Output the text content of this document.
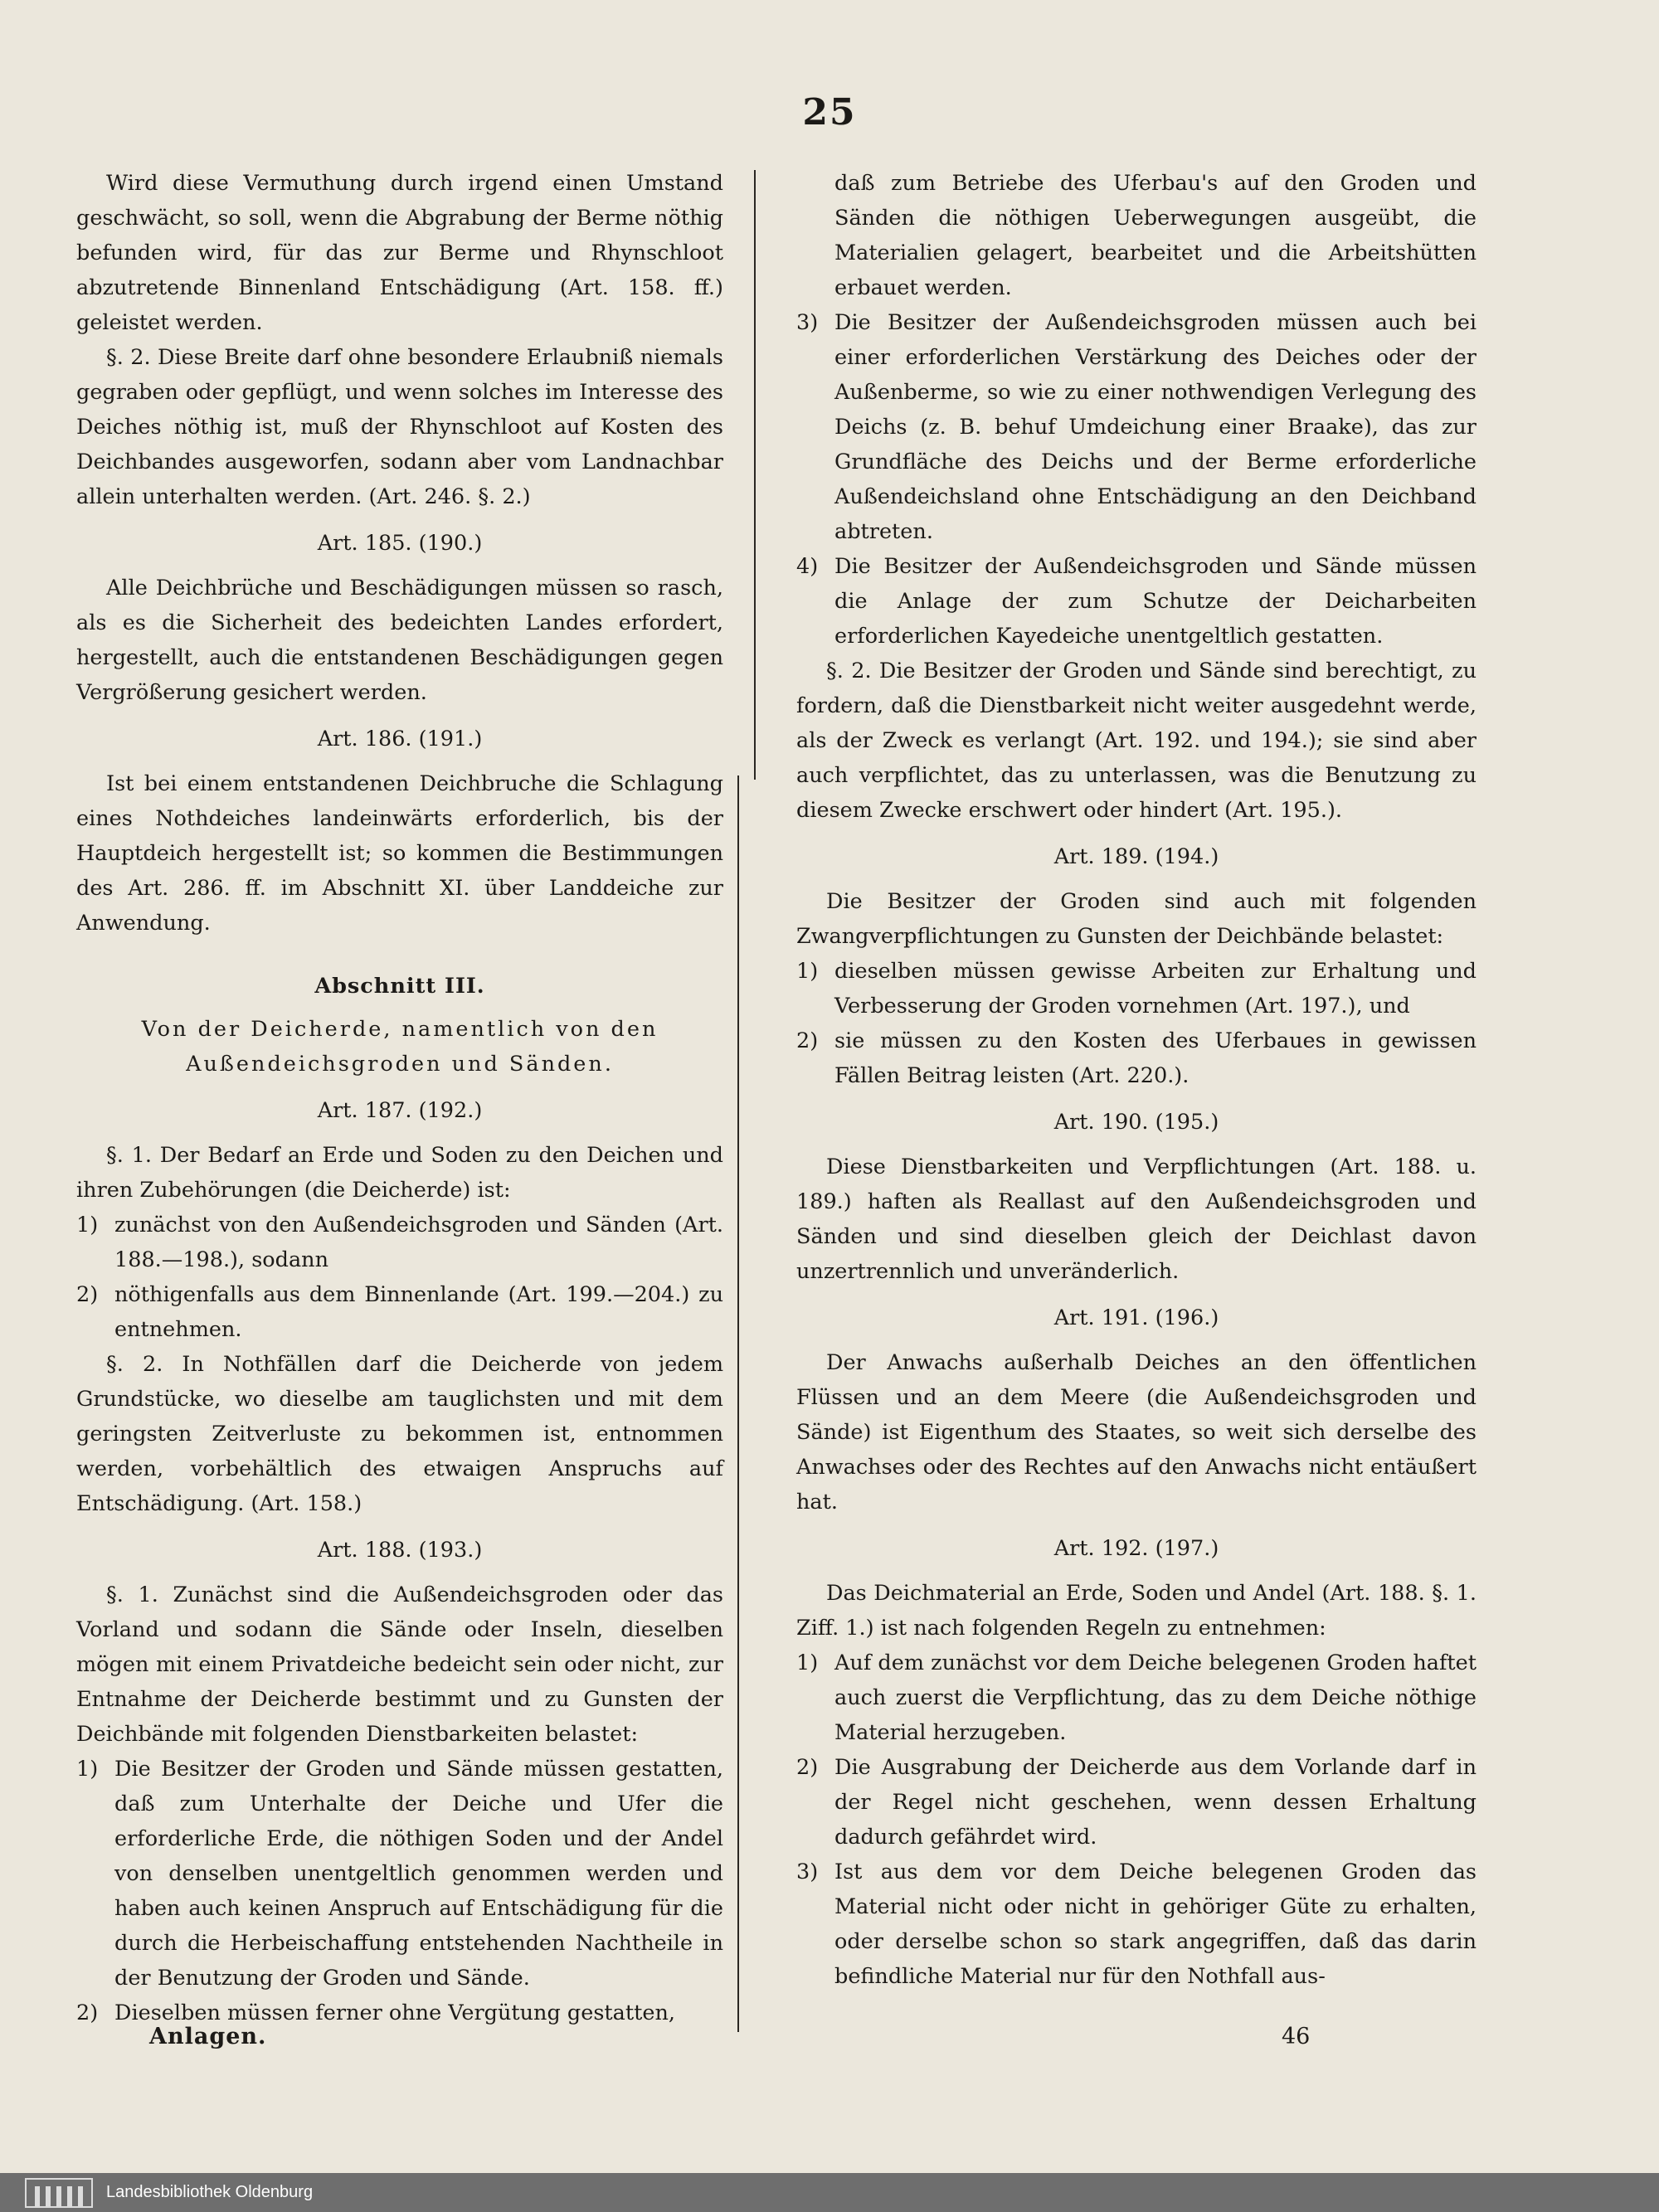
25

Wird diese Vermuthung durch irgend einen Umstand geschwächt, so soll, wenn die Abgrabung der Berme nöthig befunden wird, für das zur Berme und Rhynschloot abzutretende Binnenland Entschädigung (Art. 158. ff.) geleistet werden.

§. 2. Diese Breite darf ohne besondere Erlaubniß niemals gegraben oder gepflügt, und wenn solches im Interesse des Deiches nöthig ist, muß der Rhynschloot auf Kosten des Deichbandes ausgeworfen, sodann aber vom Landnachbar allein unterhalten werden. (Art. 246. §. 2.)

Art. 185. (190.)

Alle Deichbrüche und Beschädigungen müssen so rasch, als es die Sicherheit des bedeichten Landes erfordert, hergestellt, auch die entstandenen Beschädigungen gegen Vergrößerung gesichert werden.

Art. 186. (191.)

Ist bei einem entstandenen Deichbruche die Schlagung eines Nothdeiches landeinwärts erforderlich, bis der Hauptdeich hergestellt ist; so kommen die Bestimmungen des Art. 286. ff. im Abschnitt XI. über Landdeiche zur Anwendung.

Abschnitt III.

Von der Deicherde, namentlich von den Außendeichsgroden und Sänden.

Art. 187. (192.)

§. 1. Der Bedarf an Erde und Soden zu den Deichen und ihren Zubehörungen (die Deicherde) ist:

1) zunächst von den Außendeichsgroden und Sänden (Art. 188.—198.), sodann
2) nöthigenfalls aus dem Binnenlande (Art. 199.—204.) zu entnehmen.

§. 2. In Nothfällen darf die Deicherde von jedem Grundstücke, wo dieselbe am tauglichsten und mit dem geringsten Zeitverluste zu bekommen ist, entnommen werden, vorbehältlich des etwaigen Anspruchs auf Entschädigung. (Art. 158.)

Art. 188. (193.)

§. 1. Zunächst sind die Außendeichsgroden oder das Vorland und sodann die Sände oder Inseln, dieselben mögen mit einem Privatdeiche bedeicht sein oder nicht, zur Entnahme der Deicherde bestimmt und zu Gunsten der Deichbände mit folgenden Dienstbarkeiten belastet:

1) Die Besitzer der Groden und Sände müssen gestatten, daß zum Unterhalte der Deiche und Ufer die erforderliche Erde, die nöthigen Soden und der Andel von denselben unentgeltlich genommen werden und haben auch keinen Anspruch auf Entschädigung für die durch die Herbeischaffung entstehenden Nachtheile in der Benutzung der Groden und Sände.
2) Dieselben müssen ferner ohne Vergütung gestatten,
daß zum Betriebe des Uferbau's auf den Groden und Sänden die nöthigen Ueberwegungen ausgeübt, die Materialien gelagert, bearbeitet und die Arbeitshütten erbauet werden.
3) Die Besitzer der Außendeichsgroden müssen auch bei einer erforderlichen Verstärkung des Deiches oder der Außenberme, so wie zu einer nothwendigen Verlegung des Deichs (z. B. behuf Umdeichung einer Braake), das zur Grundfläche des Deichs und der Berme erforderliche Außendeichsland ohne Entschädigung an den Deichband abtreten.
4) Die Besitzer der Außendeichsgroden und Sände müssen die Anlage der zum Schutze der Deicharbeiten erforderlichen Kayedeiche unentgeltlich gestatten.

§. 2. Die Besitzer der Groden und Sände sind berechtigt, zu fordern, daß die Dienstbarkeit nicht weiter ausgedehnt werde, als der Zweck es verlangt (Art. 192. und 194.); sie sind aber auch verpflichtet, das zu unterlassen, was die Benutzung zu diesem Zwecke erschwert oder hindert (Art. 195.).

Art. 189. (194.)

Die Besitzer der Groden sind auch mit folgenden Zwangverpflichtungen zu Gunsten der Deichbände belastet:

1) dieselben müssen gewisse Arbeiten zur Erhaltung und Verbesserung der Groden vornehmen (Art. 197.), und
2) sie müssen zu den Kosten des Uferbaues in gewissen Fällen Beitrag leisten (Art. 220.).

Art. 190. (195.)

Diese Dienstbarkeiten und Verpflichtungen (Art. 188. u. 189.) haften als Reallast auf den Außendeichsgroden und Sänden und sind dieselben gleich der Deichlast davon unzertrennlich und unveränderlich.

Art. 191. (196.)

Der Anwachs außerhalb Deiches an den öffentlichen Flüssen und an dem Meere (die Außendeichsgroden und Sände) ist Eigenthum des Staates, so weit sich derselbe des Anwachses oder des Rechtes auf den Anwachs nicht entäußert hat.

Art. 192. (197.)

Das Deichmaterial an Erde, Soden und Andel (Art. 188. §. 1. Ziff. 1.) ist nach folgenden Regeln zu entnehmen:

1) Auf dem zunächst vor dem Deiche belegenen Groden haftet auch zuerst die Verpflichtung, das zu dem Deiche nöthige Material herzugeben.
2) Die Ausgrabung der Deicherde aus dem Vorlande darf in der Regel nicht geschehen, wenn dessen Erhaltung dadurch gefährdet wird.
3) Ist aus dem vor dem Deiche belegenen Groden das Material nicht oder nicht in gehöriger Güte zu erhalten, oder derselbe schon so stark angegriffen, daß das darin befindliche Material nur für den Nothfall aus-
Anlagen.	46
Landesbibliothek Oldenburg
